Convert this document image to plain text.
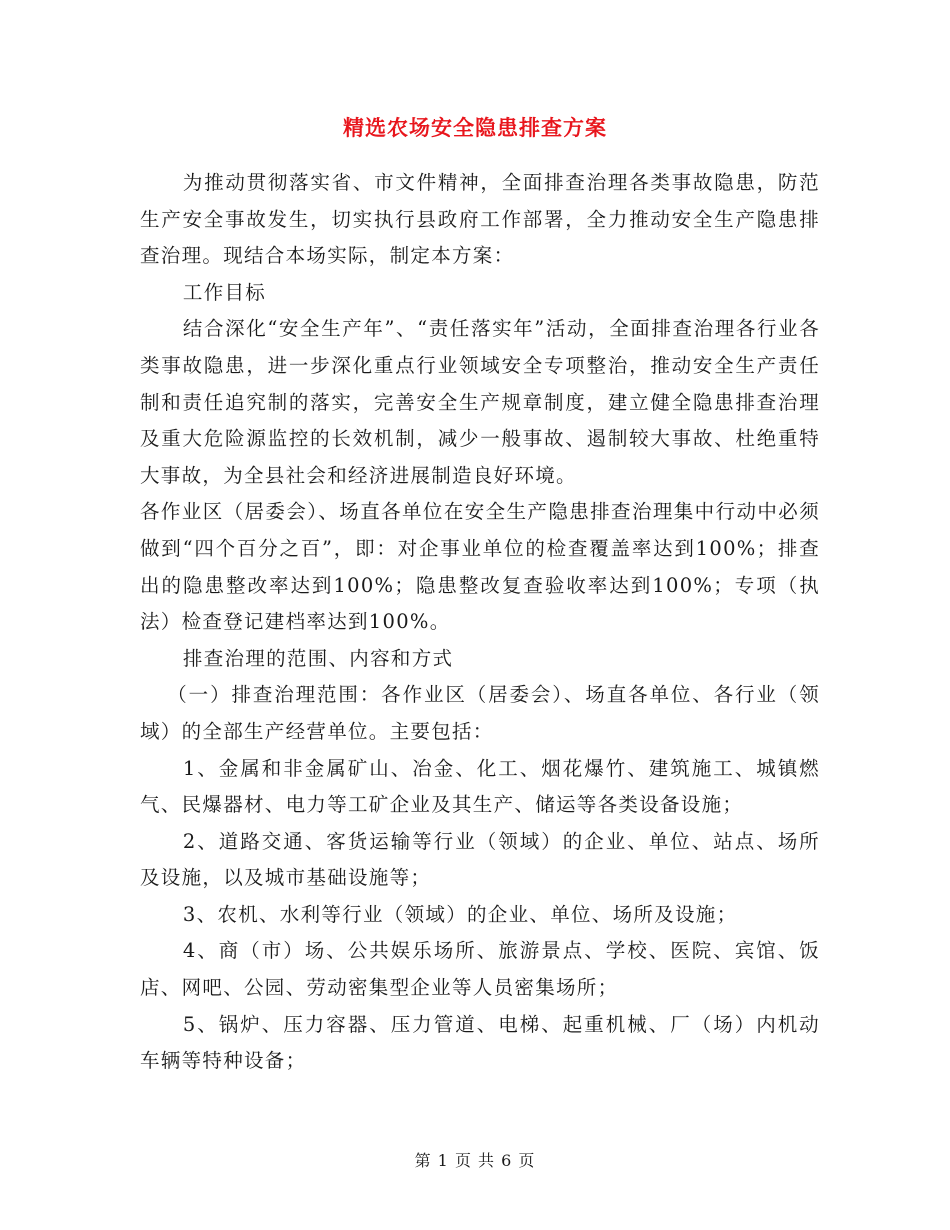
精选农场安全隐患排查方案

为推动贯彻落实省、市文件精神，全面排查治理各类事故隐患，防范生产安全事故发生，切实执行县政府工作部署，全力推动安全生产隐患排查治理。现结合本场实际，制定本方案：

工作目标

结合深化“安全生产年”、“责任落实年”活动，全面排查治理各行业各类事故隐患，进一步深化重点行业领域安全专项整治，推动安全生产责任制和责任追究制的落实，完善安全生产规章制度，建立健全隐患排查治理及重大危险源监控的长效机制，减少一般事故、遏制较大事故、杜绝重特大事故，为全县社会和经济进展制造良好环境。

各作业区（居委会）、场直各单位在安全生产隐患排查治理集中行动中必须做到“四个百分之百”，即：对企事业单位的检查覆盖率达到100%；排查出的隐患整改率达到100%；隐患整改复查验收率达到100%；专项（执法）检查登记建档率达到100%。

排查治理的范围、内容和方式

（一）排查治理范围：各作业区（居委会）、场直各单位、各行业（领域）的全部生产经营单位。主要包括：

1、金属和非金属矿山、冶金、化工、烟花爆竹、建筑施工、城镇燃气、民爆器材、电力等工矿企业及其生产、储运等各类设备设施；

2、道路交通、客货运输等行业（领域）的企业、单位、站点、场所及设施，以及城市基础设施等；

3、农机、水利等行业（领域）的企业、单位、场所及设施；

4、商（市）场、公共娱乐场所、旅游景点、学校、医院、宾馆、饭店、网吧、公园、劳动密集型企业等人员密集场所；

5、锅炉、压力容器、压力管道、电梯、起重机械、厂（场）内机动车辆等特种设备；

第 1 页 共 6 页
